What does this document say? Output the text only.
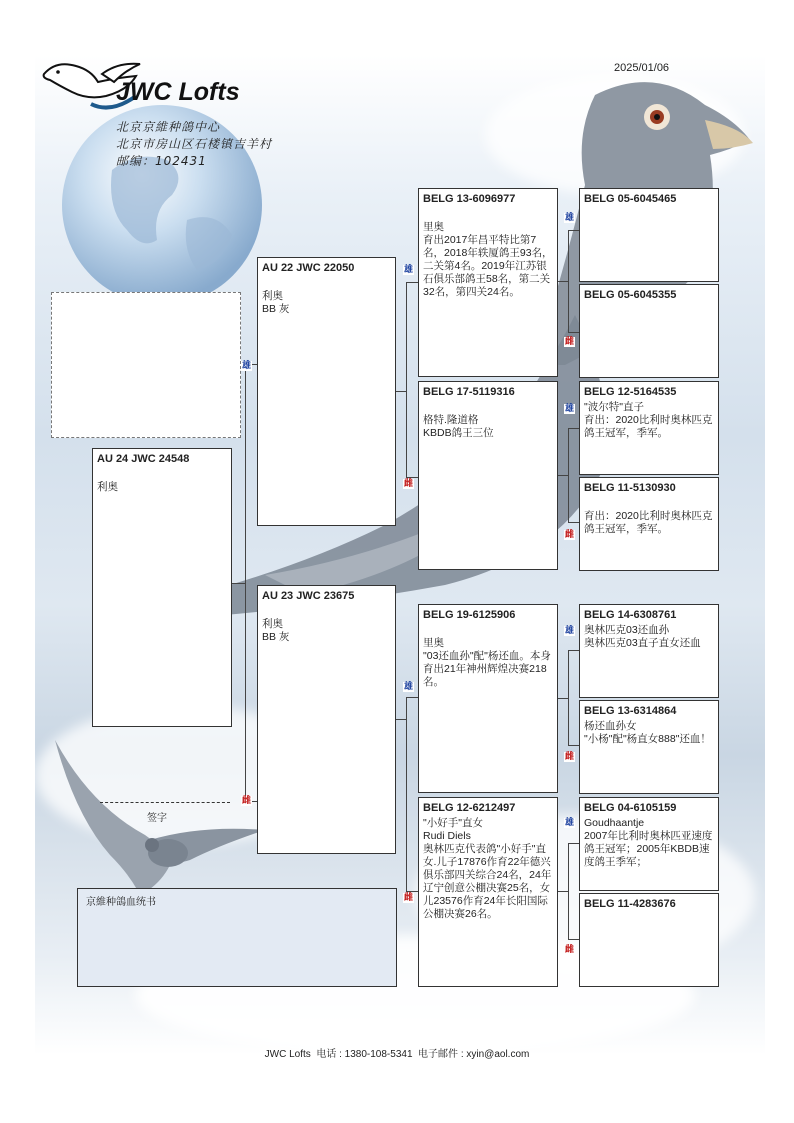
2025/01/06
JWC Lofts
北京京維种鴿中心
北京市房山区石楼镇吉羊村
邮编：102431
雄
雌
雄
雌
雄
雌
雄
雌
雄
雌
雄
雌
雄
雌
AU 24 JWC 24548
利奥
AU 22 JWC 22050
利奥
BB 灰
AU 23 JWC 23675
利奥
BB 灰
BELG 13-6096977
里奥
育出2017年昌平特比第7名，2018年轶厦鸽王93名，二关第4名。2019年江苏银石俱乐部鸽王58名，第二关32名，第四关24名。
BELG 17-5119316
格特.隆道格
KBDB鸽王三位
BELG 19-6125906
里奥
"03还血孙"配"杨还血。本身育出21年神州辉煌决赛218名。
BELG 12-6212497
"小好手"直女
Rudi Diels
奥林匹克代表鸽"小好手"直女.儿子17876作育22年德兴俱乐部四关综合24名，24年辽宁创意公棚决赛25名，女儿23576作育24年长阳国际公棚决赛26名。
BELG 05-6045465
BELG 05-6045355
BELG 12-5164535
"波尔特"直子
育出：2020比利时奥林匹克鸽王冠军，季军。
BELG 11-5130930
育出：2020比利时奥林匹克鸽王冠军，季军。
BELG 14-6308761
奥林匹克03还血孙
奥林匹克03直子直女还血
BELG 13-6314864
杨还血孙女
"小杨"配"杨直女888"还血！
BELG 04-6105159
Goudhaantje
2007年比利时奥林匹亚速度鸽王冠军；2005年KBDB速度鸽王季军；
BELG 11-4283676
签字
京維种鴿血统书
JWC Lofts  电话 : 1380-108-5341  电子邮件 : xyin@aol.com
